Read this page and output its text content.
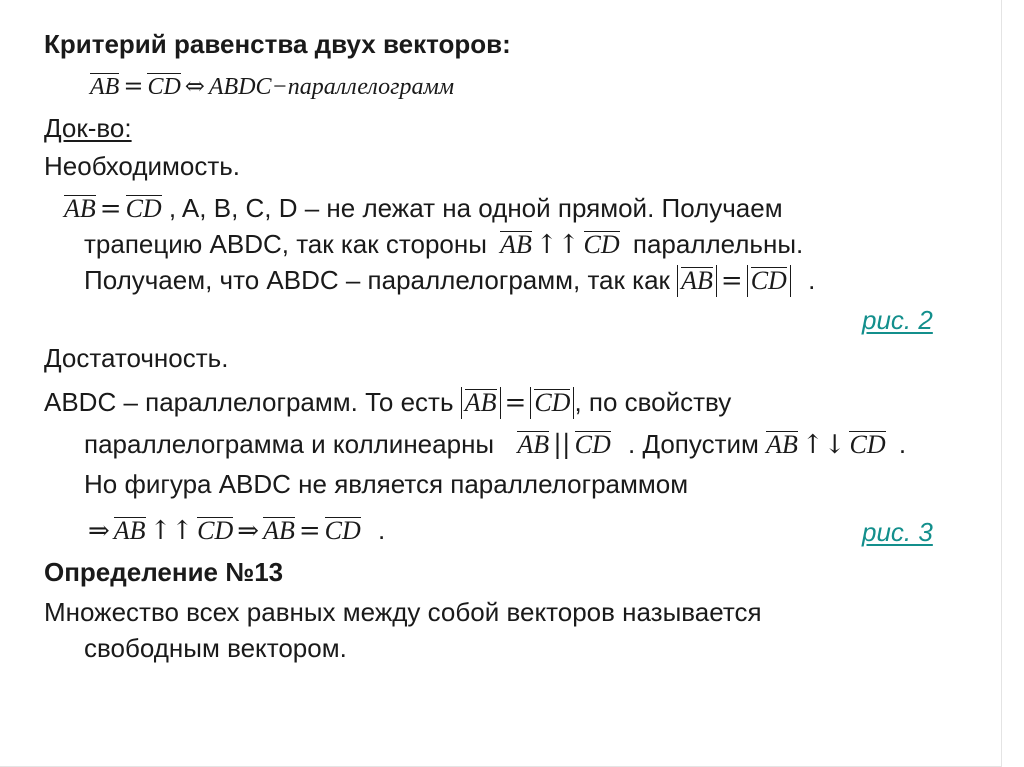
Критерий равенства двух векторов:
AB = CD ⇔ ABDC−параллелограмм
Док-во:
Необходимость.
AB = CD , A, B, C, D – не лежат на одной прямой. Получаем
трапецию ABDC, так как стороны AB ↑↑ CD параллельны.
Получаем, что ABDC – параллелограмм, так как AB = CD .
рис. 2
Достаточность.
ABDC – параллелограмм. То есть AB = CD , по свойству
параллелограмма и коллинеарны AB || CD . Допустим AB ↑↓ CD .
Но фигура ABDC не является параллелограммом
⇒ AB ↑↑ CD ⇒ AB = CD .	рис. 3
Определение №13
Множество всех равных между собой векторов называется
свободным вектором.
